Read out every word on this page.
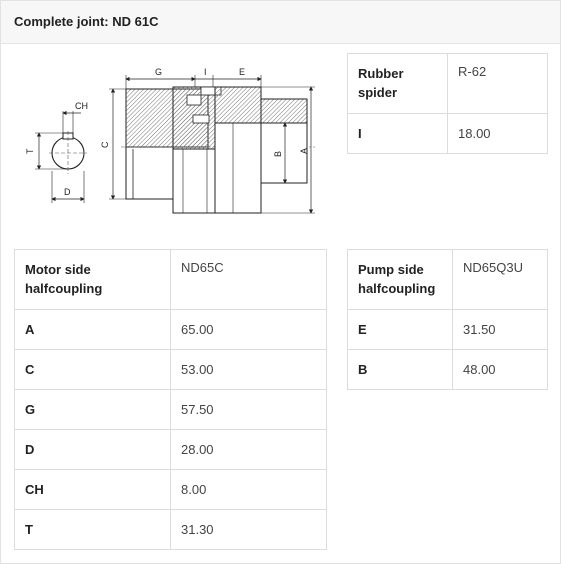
Complete joint: ND 61C
G	I	E
CH
T
C
B A
D
Rubber spider	R-62
I	18.00
Motor side halfcoupling	ND65C
A	65.00
C	53.00
G	57.50
D	28.00
CH	8.00
T	31.30
Pump side halfcoupling	ND65Q3U
E	31.50
B	48.00
